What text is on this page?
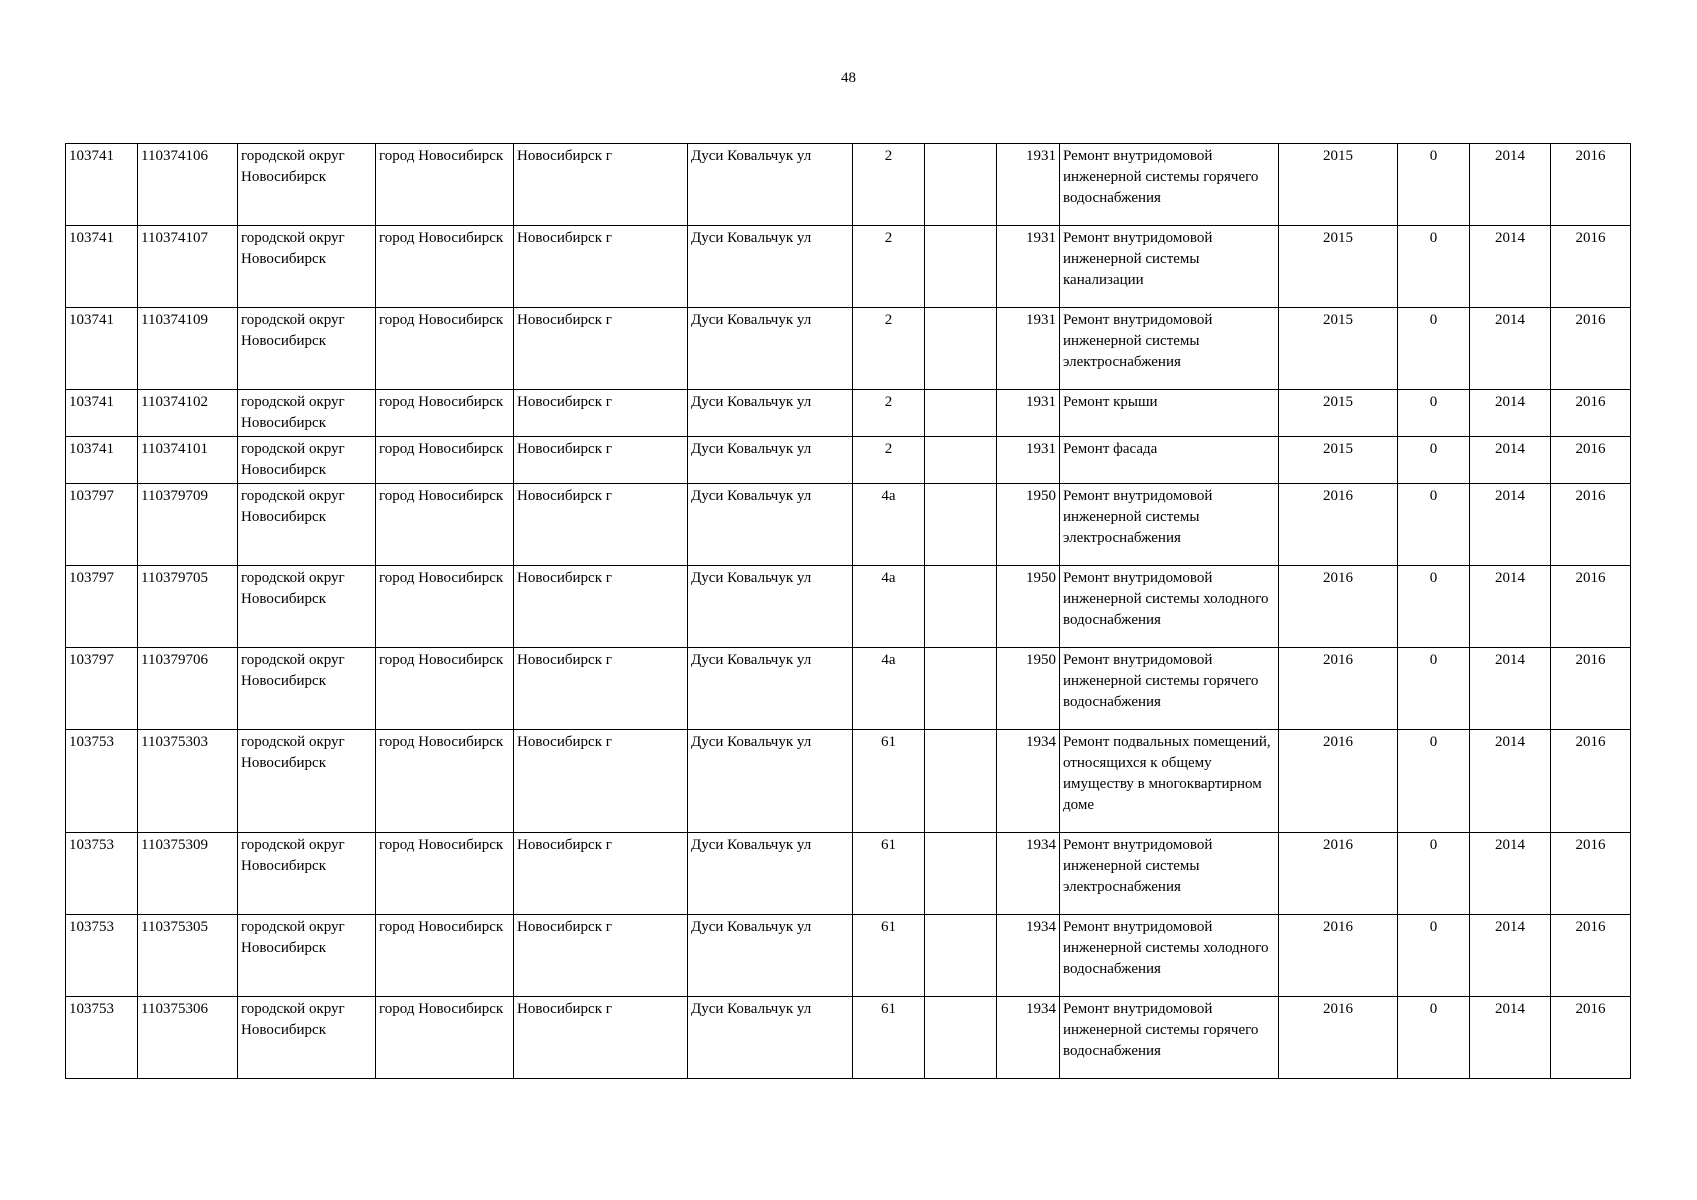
48
103741	110374106	городской округ Новосибирск	город Новосибирск	Новосибирск г	Дуси Ковальчук ул	2		1931	Ремонт внутридомовой инженерной системы горячего водоснабжения	2015	0	2014	2016
103741	110374107	городской округ Новосибирск	город Новосибирск	Новосибирск г	Дуси Ковальчук ул	2		1931	Ремонт внутридомовой инженерной системы канализации	2015	0	2014	2016
103741	110374109	городской округ Новосибирск	город Новосибирск	Новосибирск г	Дуси Ковальчук ул	2		1931	Ремонт внутридомовой инженерной системы электроснабжения	2015	0	2014	2016
103741	110374102	городской округ Новосибирск	город Новосибирск	Новосибирск г	Дуси Ковальчук ул	2		1931	Ремонт крыши	2015	0	2014	2016
103741	110374101	городской округ Новосибирск	город Новосибирск	Новосибирск г	Дуси Ковальчук ул	2		1931	Ремонт фасада	2015	0	2014	2016
103797	110379709	городской округ Новосибирск	город Новосибирск	Новосибирск г	Дуси Ковальчук ул	4а		1950	Ремонт внутридомовой инженерной системы электроснабжения	2016	0	2014	2016
103797	110379705	городской округ Новосибирск	город Новосибирск	Новосибирск г	Дуси Ковальчук ул	4а		1950	Ремонт внутридомовой инженерной системы холодного водоснабжения	2016	0	2014	2016
103797	110379706	городской округ Новосибирск	город Новосибирск	Новосибирск г	Дуси Ковальчук ул	4а		1950	Ремонт внутридомовой инженерной системы горячего водоснабжения	2016	0	2014	2016
103753	110375303	городской округ Новосибирск	город Новосибирск	Новосибирск г	Дуси Ковальчук ул	61		1934	Ремонт подвальных помещений, относящихся к общему имуществу в многоквартирном доме	2016	0	2014	2016
103753	110375309	городской округ Новосибирск	город Новосибирск	Новосибирск г	Дуси Ковальчук ул	61		1934	Ремонт внутридомовой инженерной системы электроснабжения	2016	0	2014	2016
103753	110375305	городской округ Новосибирск	город Новосибирск	Новосибирск г	Дуси Ковальчук ул	61		1934	Ремонт внутридомовой инженерной системы холодного водоснабжения	2016	0	2014	2016
103753	110375306	городской округ Новосибирск	город Новосибирск	Новосибирск г	Дуси Ковальчук ул	61		1934	Ремонт внутридомовой инженерной системы горячего водоснабжения	2016	0	2014	2016
